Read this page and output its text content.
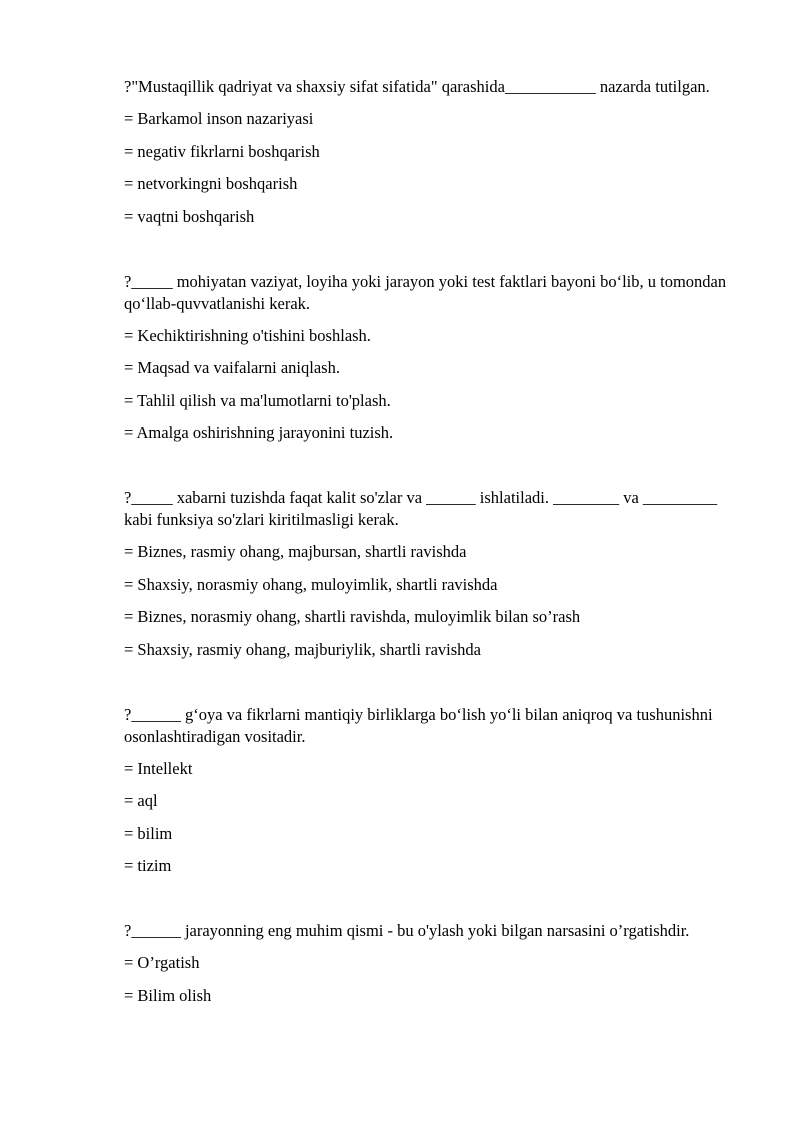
?"Mustaqillik qadriyat va shaxsiy sifat sifatida" qarashida___________ nazarda tutilgan.

= Barkamol inson nazariyasi

= negativ fikrlarni boshqarish

= netvorkingni boshqarish

= vaqtni boshqarish

?_____ mohiyatan vaziyat, loyiha yoki jarayon yoki test faktlari bayoni bo‘lib, u tomondan qo‘llab-quvvatlanishi kerak.

= Kechiktirishning o'tishini boshlash.

= Maqsad va vaifalarni aniqlash.

= Tahlil qilish va ma'lumotlarni to'plash.

= Amalga oshirishning jarayonini tuzish.

?_____ xabarni tuzishda faqat kalit so'zlar va ______ ishlatiladi. ________ va _________ kabi funksiya so'zlari kiritilmasligi kerak.

= Biznes, rasmiy ohang, majbursan, shartli ravishda

= Shaxsiy, norasmiy ohang, muloyimlik, shartli ravishda

= Biznes, norasmiy ohang, shartli ravishda, muloyimlik bilan so’rash

= Shaxsiy, rasmiy ohang, majburiylik, shartli ravishda

?______ g‘oya va fikrlarni mantiqiy birliklarga bo‘lish yo‘li bilan aniqroq va tushunishni osonlashtiradigan vositadir.

= Intellekt

= aql

= bilim

= tizim

?______ jarayonning eng muhim qismi - bu o'ylash yoki bilgan narsasini o’rgatishdir.

= O’rgatish

= Bilim olish
